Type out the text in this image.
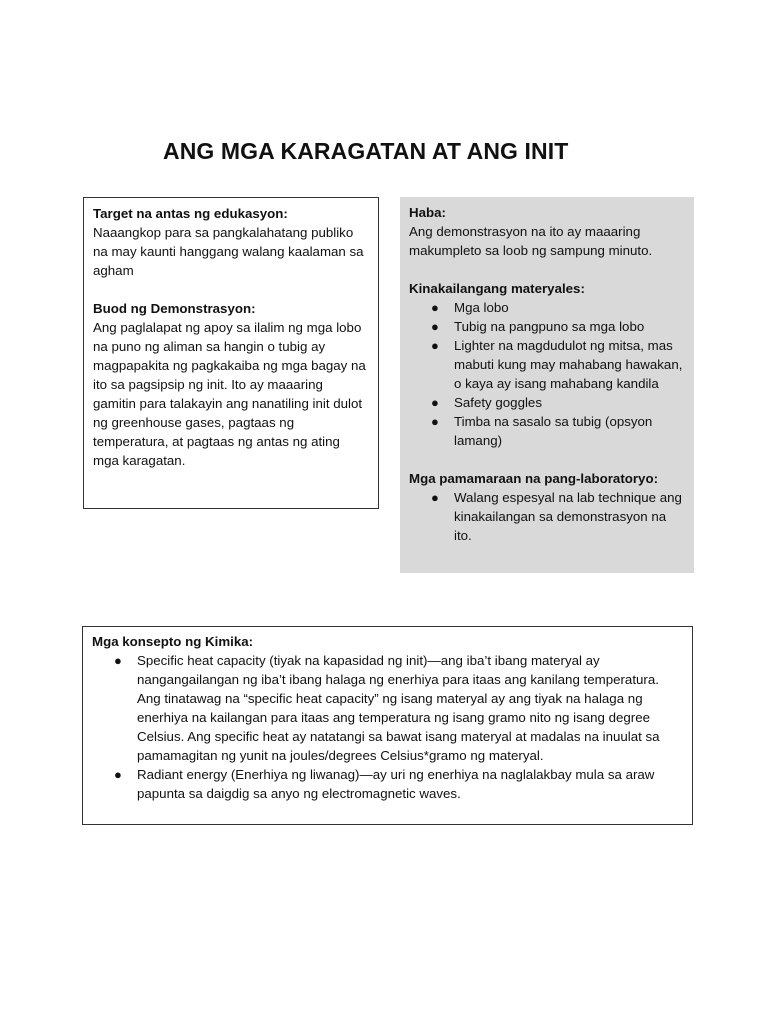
ANG MGA KARAGATAN AT ANG INIT

Target na antas ng edukasyon:

Naaangkop para sa pangkalahatang publiko na may kaunti hanggang walang kaalaman sa agham

Buod ng Demonstrasyon:

Ang paglalapat ng apoy sa ilalim ng mga lobo na puno ng aliman sa hangin o tubig ay magpapakita ng pagkakaiba ng mga bagay na ito sa pagsipsip ng init. Ito ay maaaring gamitin para talakayin ang nanatiling init dulot ng greenhouse gases, pagtaas ng temperatura, at pagtaas ng antas ng ating mga karagatan.

Haba:

Ang demonstrasyon na ito ay maaaring makumpleto sa loob ng sampung minuto.

Kinakailangang materyales:

● Mga lobo
● Tubig na pangpuno sa mga lobo
● Lighter na magdudulot ng mitsa, mas mabuti kung may mahabang hawakan, o kaya ay isang mahabang kandila
● Safety goggles
● Timba na sasalo sa tubig (opsyon lamang)

Mga pamamaraan na pang-laboratoryo:

● Walang espesyal na lab technique ang kinakailangan sa demonstrasyon na ito.

Mga konsepto ng Kimika:

● Specific heat capacity (tiyak na kapasidad ng init)—ang iba’t ibang materyal ay nangangailangan ng iba’t ibang halaga ng enerhiya para itaas ang kanilang temperatura. Ang tinatawag na “specific heat capacity” ng isang materyal ay ang tiyak na halaga ng enerhiya na kailangan para itaas ang temperatura ng isang gramo nito ng isang degree Celsius. Ang specific heat ay natatangi sa bawat isang materyal at madalas na inuulat sa pamamagitan ng yunit na joules/degrees Celsius*gramo ng materyal.
● Radiant energy (Enerhiya ng liwanag)—ay uri ng enerhiya na naglalakbay mula sa araw papunta sa daigdig sa anyo ng electromagnetic waves.
